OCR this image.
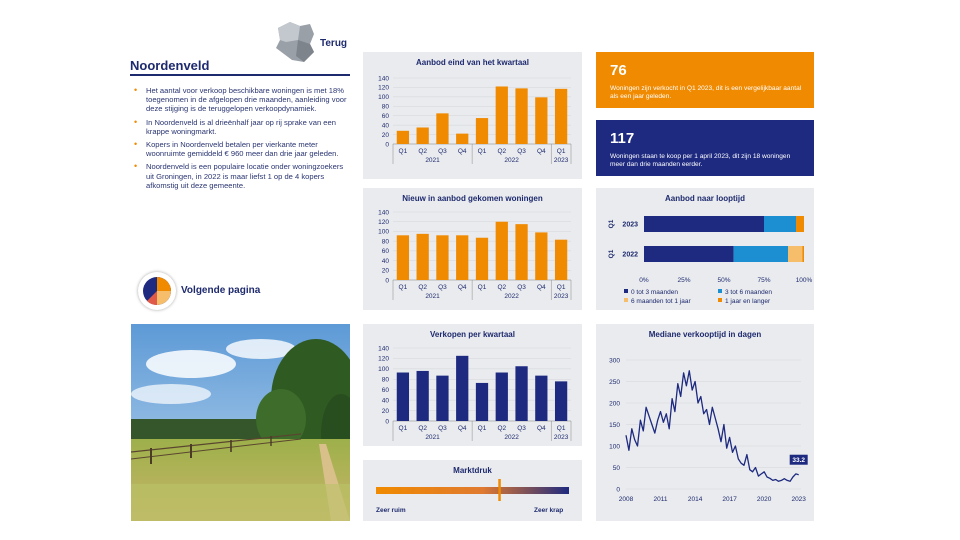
Terug
Noordenveld
• Het aantal voor verkoop beschikbare woningen is met 18% toegenomen in de afgelopen drie maanden, aanleiding voor deze stijging is de teruggelopen verkoopdynamiek.
• In Noordenveld is al drieënhalf jaar op rij sprake van een krappe woningmarkt.
• Kopers in Noordenveld betalen per vierkante meter woonruimte gemiddeld € 960 meer dan drie jaar geleden.
• Noordenveld is een populaire locatie onder woningzoekers uit Groningen, in 2022 is maar liefst 1 op de 4 kopers afkomstig uit deze gemeente.
Volgende pagina
Aanbod eind van het kwartaal
0
20
40
60
80
100
120
140
Q1 Q2 Q3 Q4 Q1 Q2 Q3 Q4 Q1
2021	2022	2023
Nieuw in aanbod gekomen woningen
0
20
40
60
80
100
120
140
Q1 Q2 Q3 Q4 Q1 Q2 Q3 Q4 Q1
2021	2022	2023
Verkopen per kwartaal
0
20
40
60
80
100
120
140
Q1 Q2 Q3 Q4 Q1 Q2 Q3 Q4 Q1
2021	2022	2023
76
Woningen zijn verkocht in Q1 2023, dit is een vergelijkbaar aantal als een jaar geleden.
117
Woningen staan te koop per 1 april 2023, dit zijn 18 woningen meer dan drie maanden eerder.
Aanbod naar looptijd
2023
Q1
2022
Q1
0%	25%	50%	75%	100%
0 tot 3 maanden	3 tot 6 maanden
6 maanden tot 1 jaar	1 jaar en langer
Mediane verkooptijd in dagen
0
50
100
150
200
250
300
2008	2011	2014	2017	2020	2023
33.2
Marktdruk
Zeer ruim	Zeer krap
